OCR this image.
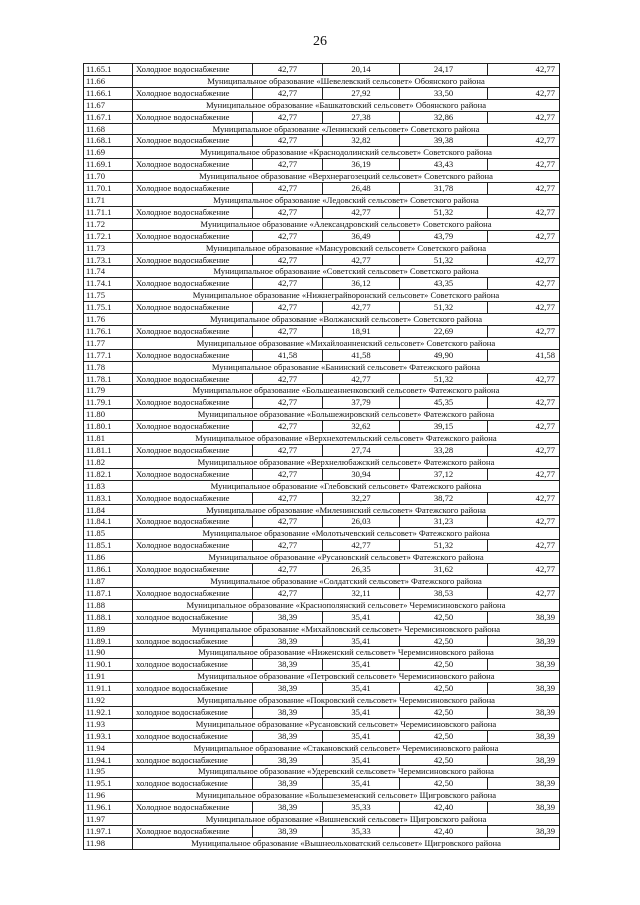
26
11.65.1	Холодное водоснабжение	42,77	20,14	24,17	42,77
11.66	Муниципальное образование «Шевелевский сельсовет» Обоянского района				
11.66.1	Холодное водоснабжение	42,77	27,92	33,50	42,77
11.67	Муниципальное образование «Башкатовский сельсовет» Обоянского района				
11.67.1	Холодное водоснабжение	42,77	27,38	32,86	42,77
11.68	Муниципальное образование «Ленинский сельсовет» Советского района				
11.68.1	Холодное водоснабжение	42,77	32,82	39,38	42,77
11.69	Муниципальное образование «Краснодолинский сельсовет» Советского района				
11.69.1	Холодное водоснабжение	42,77	36,19	43,43	42,77
11.70	Муниципальное образование «Верхнерагозецкий сельсовет» Советского района				
11.70.1	Холодное водоснабжение	42,77	26,48	31,78	42,77
11.71	Муниципальное образование «Ледовский сельсовет» Советского района				
11.71.1	Холодное водоснабжение	42,77	42,77	51,32	42,77
11.72	Муниципальное образование «Александровский сельсовет» Советского района				
11.72.1	Холодное водоснабжение	42,77	36,49	43,79	42,77
11.73	Муниципальное образование «Мансуровский сельсовет» Советского района				
11.73.1	Холодное водоснабжение	42,77	42,77	51,32	42,77
11.74	Муниципальное образование «Советский сельсовет» Советского района				
11.74.1	Холодное водоснабжение	42,77	36,12	43,35	42,77
11.75	Муниципальное образование «Нижнеграйворонский сельсовет» Советского района				
11.75.1	Холодное водоснабжение	42,77	42,77	51,32	42,77
11.76	Муниципальное образование «Волжанский сельсовет» Советского района				
11.76.1	Холодное водоснабжение	42,77	18,91	22,69	42,77
11.77	Муниципальное образование «Михайлоанненский сельсовет» Советского района				
11.77.1	Холодное водоснабжение	41,58	41,58	49,90	41,58
11.78	Муниципальное образование «Банинский сельсовет» Фатежского района				
11.78.1	Холодное водоснабжение	42,77	42,77	51,32	42,77
11.79	Муниципальное образование «Большеанненковский сельсовет» Фатежского района				
11.79.1	Холодное водоснабжение	42,77	37,79	45,35	42,77
11.80	Муниципальное образование «Большежировский сельсовет» Фатежского района				
11.80.1	Холодное водоснабжение	42,77	32,62	39,15	42,77
11.81	Муниципальное образование «Верхнехотемльский сельсовет» Фатежского района				
11.81.1	Холодное водоснабжение	42,77	27,74	33,28	42,77
11.82	Муниципальное образование «Верхнелюбажский сельсовет» Фатежского района				
11.82.1	Холодное водоснабжение	42,77	30,94	37,12	42,77
11.83	Муниципальное образование «Глебовский сельсовет» Фатежского района				
11.83.1	Холодное водоснабжение	42,77	32,27	38,72	42,77
11.84	Муниципальное образование «Миленинский сельсовет» Фатежского района				
11.84.1	Холодное водоснабжение	42,77	26,03	31,23	42,77
11.85	Муниципальное образование «Молотычевский сельсовет» Фатежского района				
11.85.1	Холодное водоснабжение	42,77	42,77	51,32	42,77
11.86	Муниципальное образование «Русановский сельсовет» Фатежского района				
11.86.1	Холодное водоснабжение	42,77	26,35	31,62	42,77
11.87	Муниципальное образование «Солдатский сельсовет» Фатежского района				
11.87.1	Холодное водоснабжение	42,77	32,11	38,53	42,77
11.88	Муниципальное образование «Краснополянский сельсовет» Черемисиновского района				
11.88.1	холодное водоснабжение	38,39	35,41	42,50	38,39
11.89	Муниципальное образование «Михайловский сельсовет» Черемисиновского района				
11.89.1	холодное водоснабжение	38,39	35,41	42,50	38,39
11.90	Муниципальное образование «Ниженский сельсовет» Черемисиновского района				
11.90.1	холодное водоснабжение	38,39	35,41	42,50	38,39
11.91	Муниципальное образование «Петровский сельсовет» Черемисиновского района				
11.91.1	холодное водоснабжение	38,39	35,41	42,50	38,39
11.92	Муниципальное образование «Покровский сельсовет» Черемисиновского района				
11.92.1	холодное водоснабжение	38,39	35,41	42,50	38,39
11.93	Муниципальное образование «Русановский сельсовет» Черемисиновского района				
11.93.1	холодное водоснабжение	38,39	35,41	42,50	38,39
11.94	Муниципальное образование «Стакановский сельсовет» Черемисиновского района				
11.94.1	холодное водоснабжение	38,39	35,41	42,50	38,39
11.95	Муниципальное образование «Удеревский сельсовет» Черемисиновского района				
11.95.1	холодное водоснабжение	38,39	35,41	42,50	38,39
11.96	Муниципальное образование «Большеземенский сельсовет» Щигровского района				
11.96.1	Холодное водоснабжение	38,39	35,33	42,40	38,39
11.97	Муниципальное образование «Вишневский сельсовет» Щигровского района				
11.97.1	Холодное водоснабжение	38,39	35,33	42,40	38,39
11.98	Муниципальное образование «Вышнеольховатский сельсовет» Щигровского района				
